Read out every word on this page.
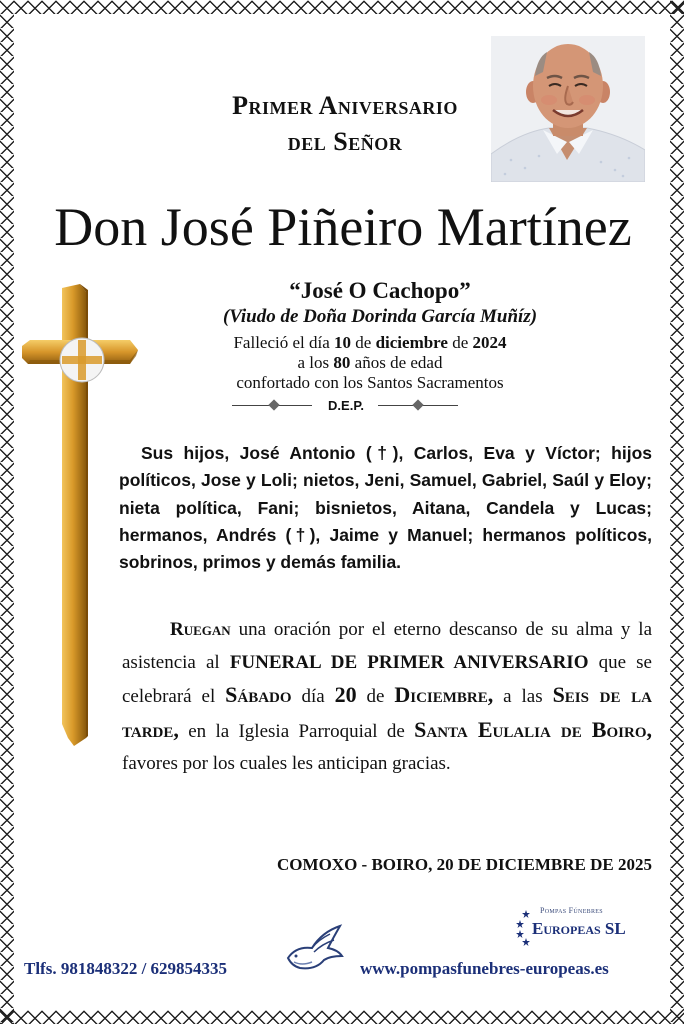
Primer Aniversario
del Señor
Don José Piñeiro Martínez
“José O Cachopo”
(Viudo de Doña Dorinda García Muñíz)
Falleció el día 10 de diciembre de 2024
a los 80 años de edad
confortado con los Santos Sacramentos
D.E.P.

Sus hijos, José Antonio (†), Carlos, Eva y Víctor; hijos políticos, Jose y Loli; nietos, Jeni, Samuel, Gabriel, Saúl y Eloy; nieta política, Fani; bisnietos, Aitana, Candela y Lucas; hermanos, Andrés (†), Jaime y Manuel; hermanos políticos, sobrinos, primos y demás familia.

Ruegan una oración por el eterno descanso de su alma y la asistencia al FUNERAL DE PRIMER ANIVERSARIO que se celebrará el Sábado día 20 de Diciembre, a las Seis de la tarde, en la Iglesia Parroquial de Santa Eulalia de Boiro, favores por los cuales les anticipan gracias.

COMOXO - BOIRO, 20 DE DICIEMBRE DE 2025
Pompas Fúnebres
Europeas SL
Tlfs. 981848322 / 629854335	www.pompasfunebres-europeas.es
